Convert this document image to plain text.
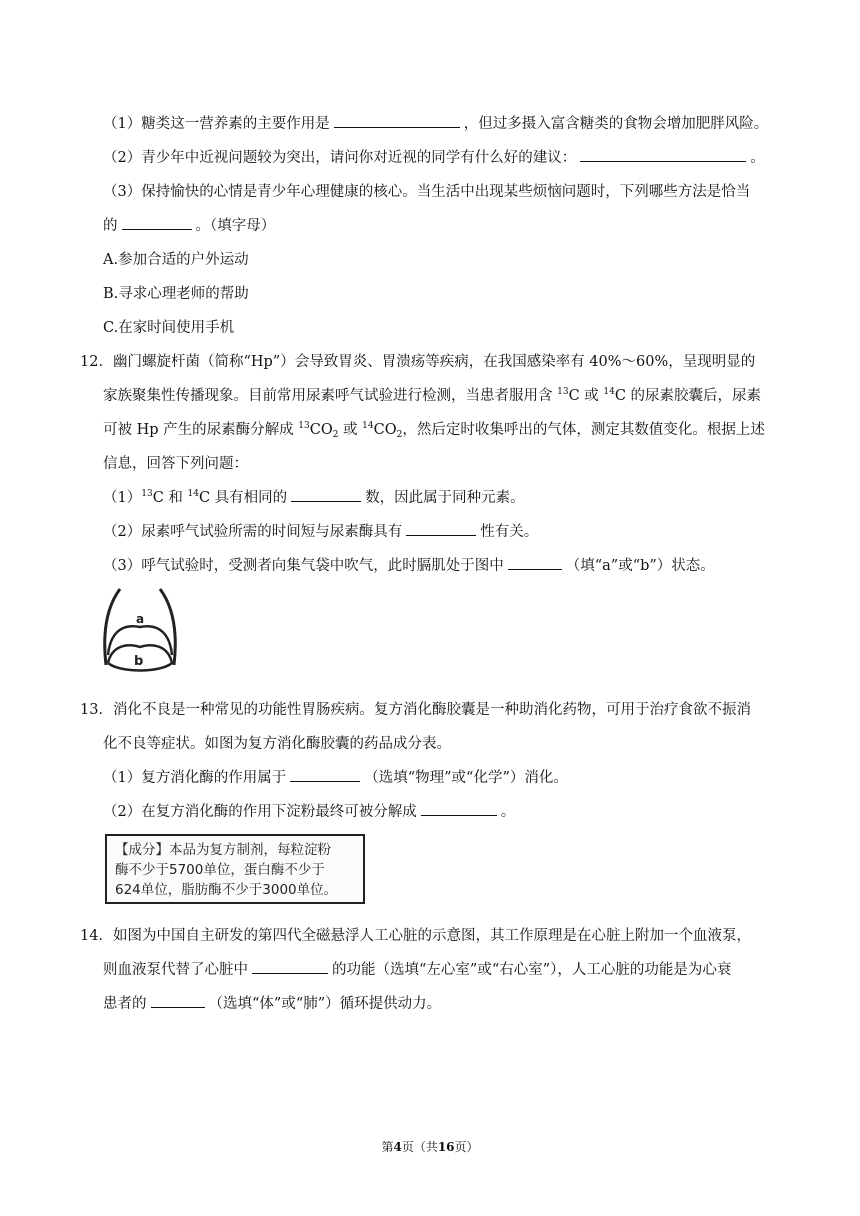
（1）糖类这一营养素的主要作用是	，但过多摄入富含糖类的食物会增加肥胖风险。
（2）青少年中近视问题较为突出，请问你对近视的同学有什么好的建议：	。
（3）保持愉快的心情是青少年心理健康的核心。当生活中出现某些烦恼问题时，下列哪些方法是恰当
的	。（填字母）
A.参加合适的户外运动
B.寻求心理老师的帮助
C.在家时间使用手机
12．幽门螺旋杆菌（简称“Hp”）会导致胃炎、胃溃疡等疾病，在我国感染率有 40%～60%，呈现明显的
家族聚集性传播现象。目前常用尿素呼气试验进行检测，当患者服用含 $^{13}$C 或 $^{14}$C 的尿素胶囊后，尿素
可被 Hp 产生的尿素酶分解成 $^{13}CO_2$ 或 $^{14}CO_2$，然后定时收集呼出的气体，测定其数值变化。根据上述
信息，回答下列问题：
$(1)^{13}C$ 和 $^{14}$C 具有相同的	数，因此属于同种元素。
（2）尿素呼气试验所需的时间短与尿素酶具有	性有关。
（3）呼气试验时，受测者向集气袋中吹气，此时膈肌处于图中	（填“a”或“b”）状态。
a
b
13．消化不良是一种常见的功能性胃肠疾病。复方消化酶胶囊是一种助消化药物，可用于治疗食欲不振消
化不良等症状。如图为复方消化酶胶囊的药品成分表。
（1）复方消化酶的作用属于	（选填“物理”或“化学”）消化。
（2）在复方消化酶的作用下淀粉最终可被分解成	。
【成分】本品为复方制剂，每粒淀粉
酶不少于5700单位，蛋白酶不少于
624单位，脂肪酶不少于3000单位。
14．如图为中国自主研发的第四代全磁悬浮人工心脏的示意图，其工作原理是在心脏上附加一个血液泵，
则血液泵代替了心脏中	的功能（选填“左心室”或“右心室”），人工心脏的功能是为心衰
患者的	（选填“体”或“肺”）循环提供动力。
第4页（共16页）
